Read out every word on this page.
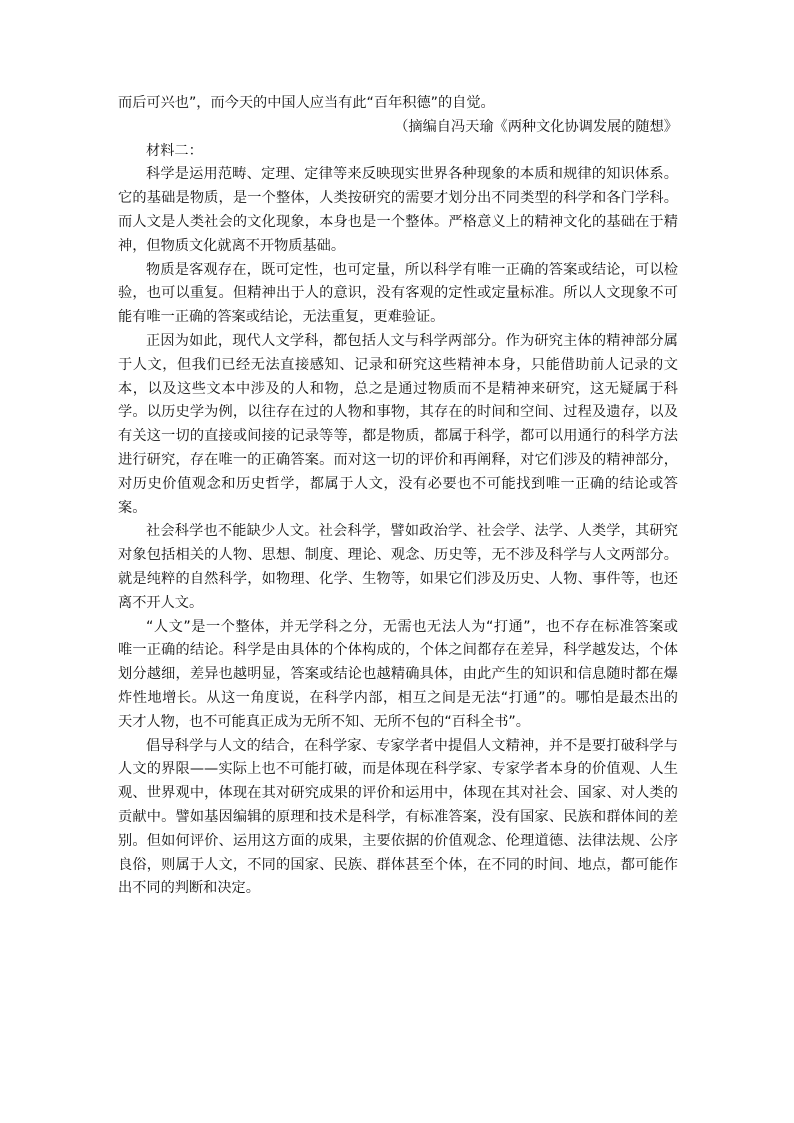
而后可兴也”，而今天的中国人应当有此“百年积德”的自觉。
（摘编自冯天瑜《两种文化协调发展的随想》
材料二：
科学是运用范畴、定理、定律等来反映现实世界各种现象的本质和规律的知识体系。
它的基础是物质，是一个整体，人类按研究的需要才划分出不同类型的科学和各门学科。
而人文是人类社会的文化现象，本身也是一个整体。严格意义上的精神文化的基础在于精
神，但物质文化就离不开物质基础。
物质是客观存在，既可定性，也可定量，所以科学有唯一正确的答案或结论，可以检
验，也可以重复。但精神出于人的意识，没有客观的定性或定量标准。所以人文现象不可
能有唯一正确的答案或结论，无法重复，更难验证。
正因为如此，现代人文学科，都包括人文与科学两部分。作为研究主体的精神部分属
于人文，但我们已经无法直接感知、记录和研究这些精神本身，只能借助前人记录的文
本，以及这些文本中涉及的人和物，总之是通过物质而不是精神来研究，这无疑属于科
学。以历史学为例，以往存在过的人物和事物，其存在的时间和空间、过程及遗存，以及
有关这一切的直接或间接的记录等等，都是物质，都属于科学，都可以用通行的科学方法
进行研究，存在唯一的正确答案。而对这一切的评价和再阐释，对它们涉及的精神部分，
对历史价值观念和历史哲学，都属于人文，没有必要也不可能找到唯一正确的结论或答
案。
社会科学也不能缺少人文。社会科学，譬如政治学、社会学、法学、人类学，其研究
对象包括相关的人物、思想、制度、理论、观念、历史等，无不涉及科学与人文两部分。
就是纯粹的自然科学，如物理、化学、生物等，如果它们涉及历史、人物、事件等，也还
离不开人文。
“人文”是一个整体，并无学科之分，无需也无法人为“打通”，也不存在标准答案或
唯一正确的结论。科学是由具体的个体构成的，个体之间都存在差异，科学越发达，个体
划分越细，差异也越明显，答案或结论也越精确具体，由此产生的知识和信息随时都在爆
炸性地增长。从这一角度说，在科学内部，相互之间是无法“打通”的。哪怕是最杰出的
天才人物，也不可能真正成为无所不知、无所不包的“百科全书”。
倡导科学与人文的结合，在科学家、专家学者中提倡人文精神，并不是要打破科学与
人文的界限——实际上也不可能打破，而是体现在科学家、专家学者本身的价值观、人生
观、世界观中，体现在其对研究成果的评价和运用中，体现在其对社会、国家、对人类的
贡献中。譬如基因编辑的原理和技术是科学，有标准答案，没有国家、民族和群体间的差
别。但如何评价、运用这方面的成果，主要依据的价值观念、伦理道德、法律法规、公序
良俗，则属于人文，不同的国家、民族、群体甚至个体，在不同的时间、地点，都可能作
出不同的判断和决定。
